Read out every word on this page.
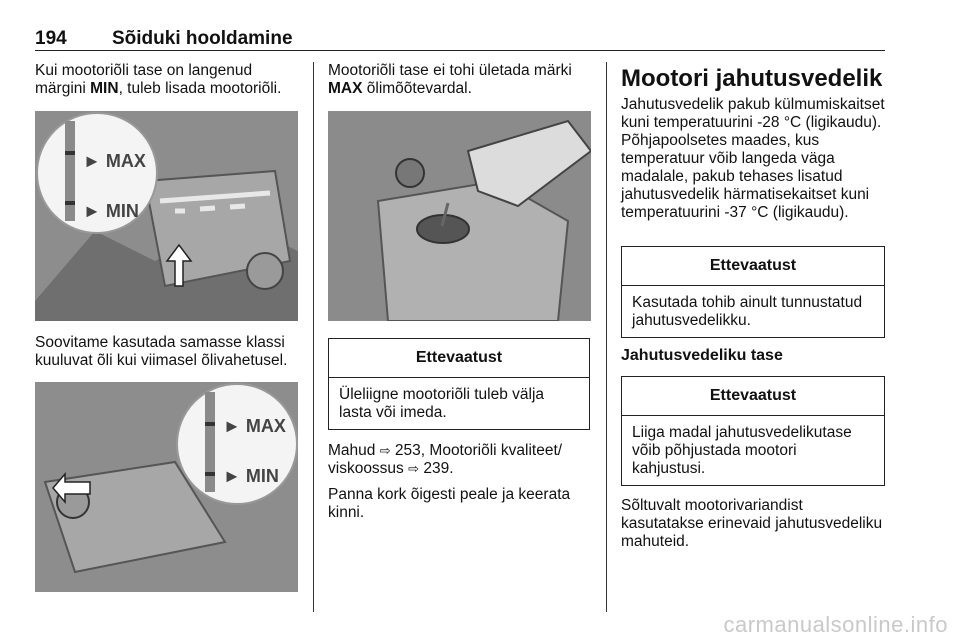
194 Sõiduki hooldamine

Kui mootoriõli tase on langenud märgini MIN, tuleb lisada mootoriõli.

► MAX
► MIN

Soovitame kasutada samasse klassi kuuluvat õli kui viimasel õlivahetusel.

► MAX
► MIN

Mootoriõli tase ei tohi ületada märki MAX õlimõõtevardal.

Ettevaatust
Üleliigne mootoriõli tuleb välja lasta või imeda.

Mahud ⇨ 253, Mootoriõli kvaliteet/ viskoossus ⇨ 239.

Panna kork õigesti peale ja keerata kinni.

Mootori jahutusvedelik

Jahutusvedelik pakub külmumiskaitset kuni temperatuurini -28 °C (ligikaudu). Põhjapoolsetes maades, kus temperatuur võib langeda väga madalale, pakub tehases lisatud jahutusvedelik härmatisekaitset kuni temperatuurini -37 °C (ligikaudu).

Ettevaatust
Kasutada tohib ainult tunnustatud jahutusvedelikku.
Jahutusvedeliku tase
Ettevaatust
Liiga madal jahutusvedelikutase võib põhjustada mootori kahjustusi.

Sõltuvalt mootorivariandist kasutatakse erinevaid jahutusvedeliku mahuteid.

carmanualsonline.info
